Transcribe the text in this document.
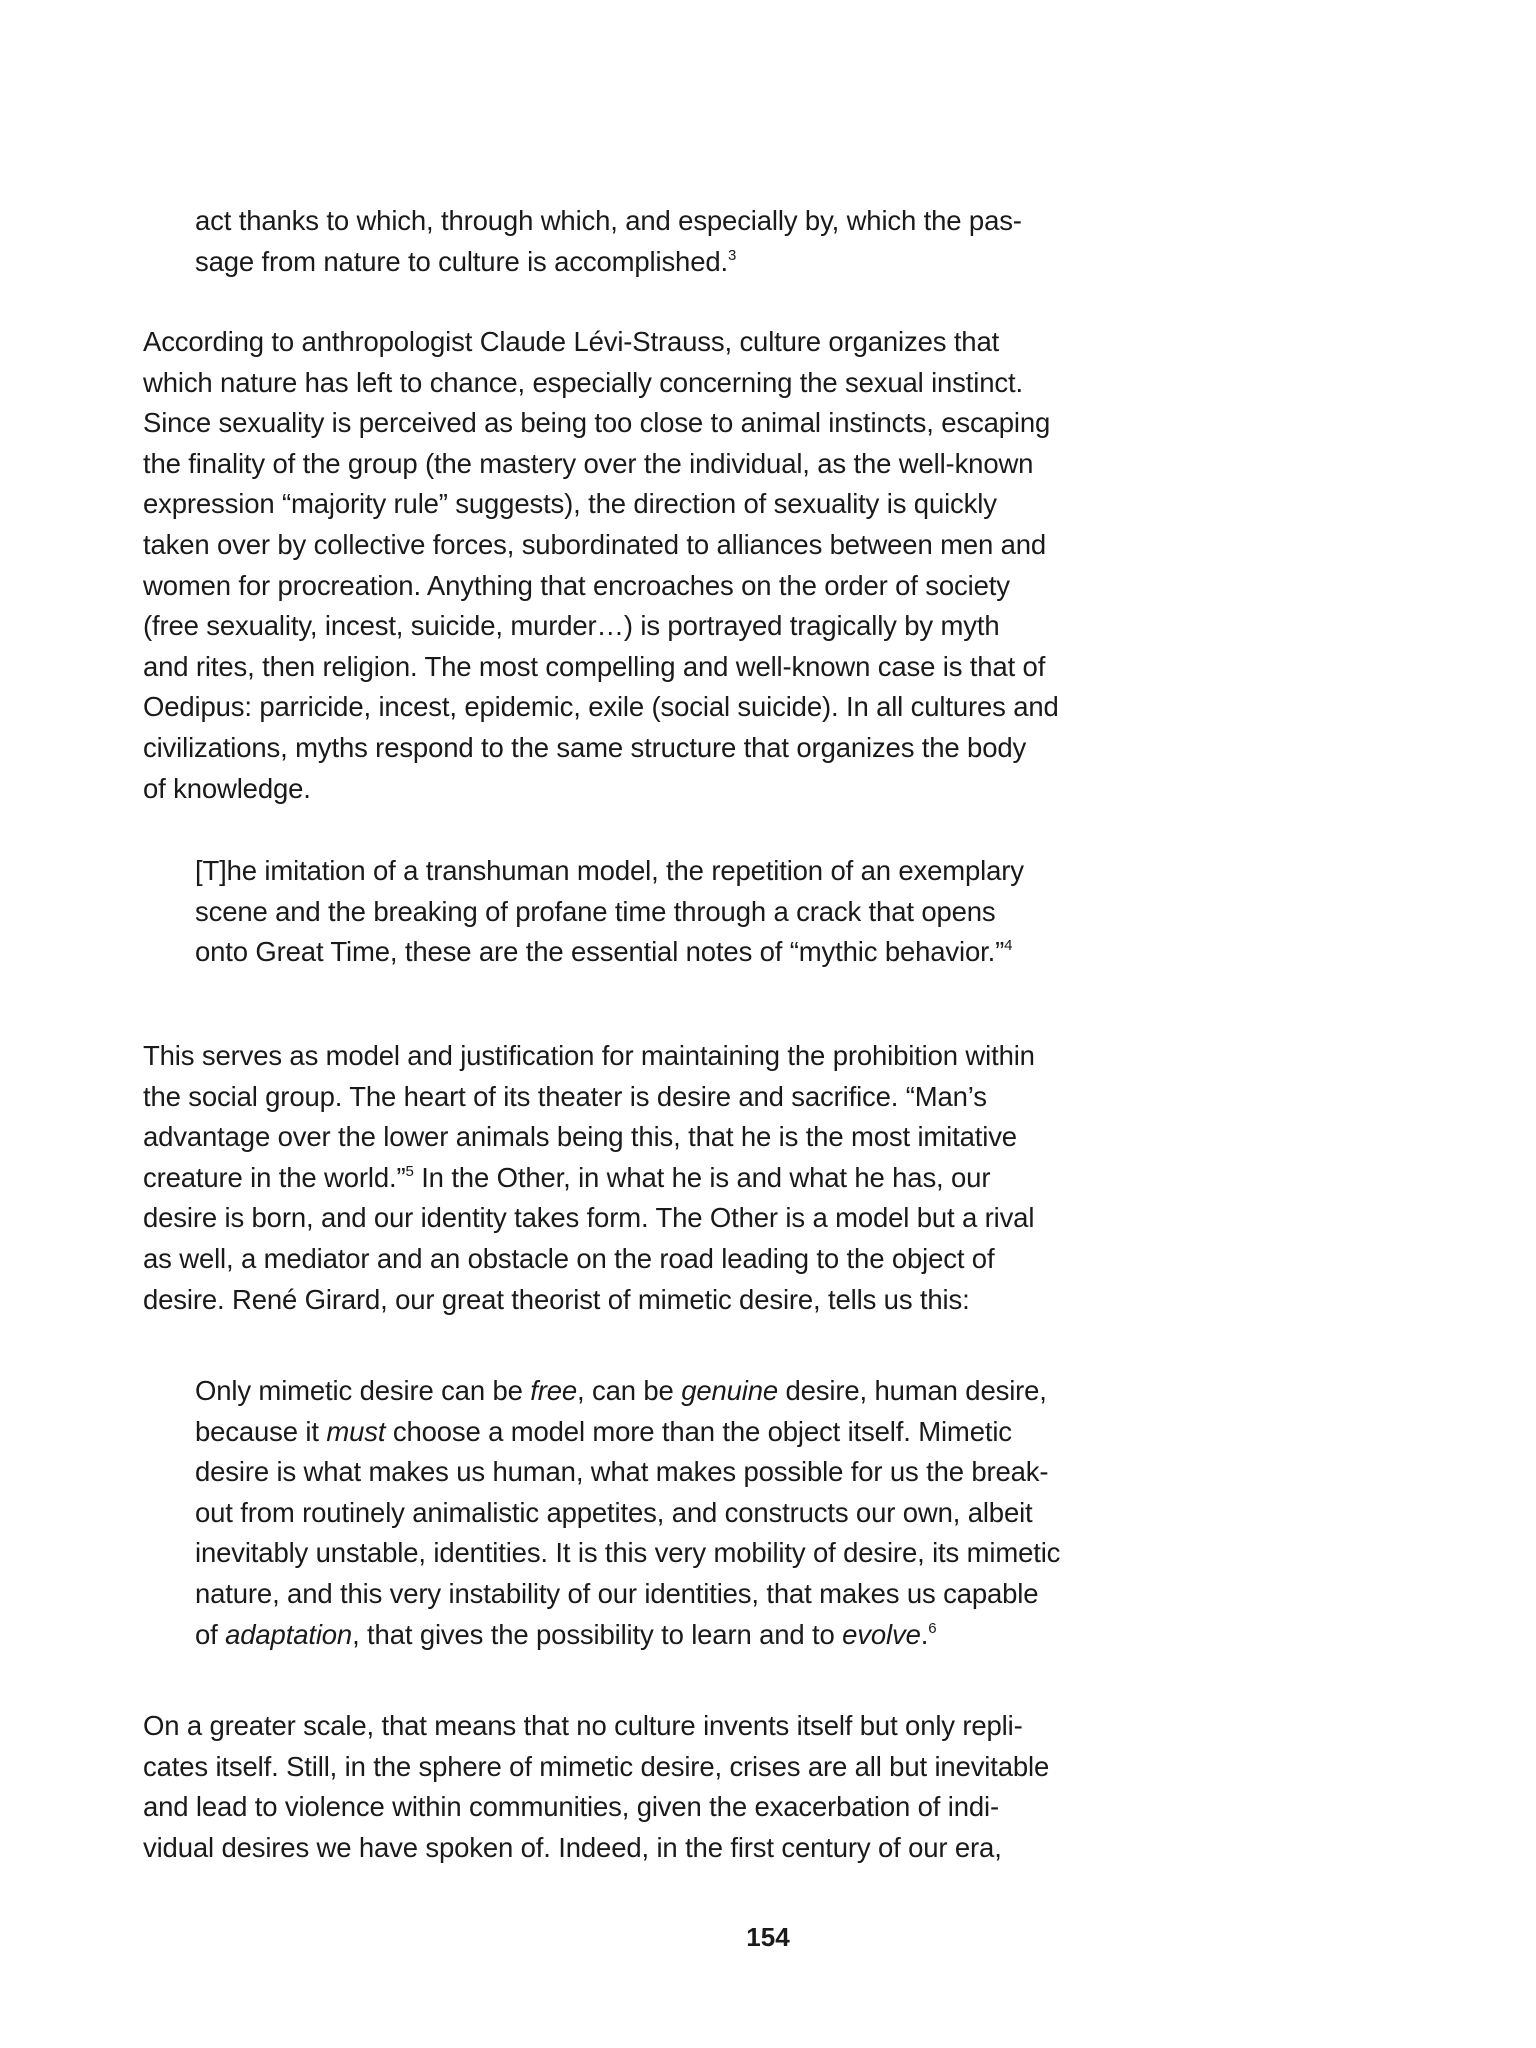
act thanks to which, through which, and especially by, which the pas-
sage from nature to culture is accomplished.$^3$
According to anthropologist Claude Lévi-Strauss, culture organizes that
which nature has left to chance, especially concerning the sexual instinct.
Since sexuality is perceived as being too close to animal instincts, escaping
the finality of the group (the mastery over the individual, as the well-known
expression “majority rule” suggests), the direction of sexuality is quickly
taken over by collective forces, subordinated to alliances between men and
women for procreation. Anything that encroaches on the order of society
(free sexuality, incest, suicide, murder…) is portrayed tragically by myth
and rites, then religion. The most compelling and well-known case is that of
Oedipus: parricide, incest, epidemic, exile (social suicide). In all cultures and
civilizations, myths respond to the same structure that organizes the body
of knowledge.
[T]he imitation of a transhuman model, the repetition of an exemplary
scene and the breaking of profane time through a crack that opens
onto Great Time, these are the essential notes of “mythic behavior.”$^4$
This serves as model and justification for maintaining the prohibition within
the social group. The heart of its theater is desire and sacrifice. “Man’s
advantage over the lower animals being this, that he is the most imitative
creature in the world.”$^5$ In the Other, in what he is and what he has, our
desire is born, and our identity takes form. The Other is a model but a rival
as well, a mediator and an obstacle on the road leading to the object of
desire. René Girard, our great theorist of mimetic desire, tells us this:
Only mimetic desire can be free, can be genuine desire, human desire,
because it must choose a model more than the object itself. Mimetic
desire is what makes us human, what makes possible for us the break-
out from routinely animalistic appetites, and constructs our own, albeit
inevitably unstable, identities. It is this very mobility of desire, its mimetic
nature, and this very instability of our identities, that makes us capable
of adaptation, that gives the possibility to learn and to evolve.$^6$
On a greater scale, that means that no culture invents itself but only repli-
cates itself. Still, in the sphere of mimetic desire, crises are all but inevitable
and lead to violence within communities, given the exacerbation of indi-
vidual desires we have spoken of. Indeed, in the first century of our era,
154
